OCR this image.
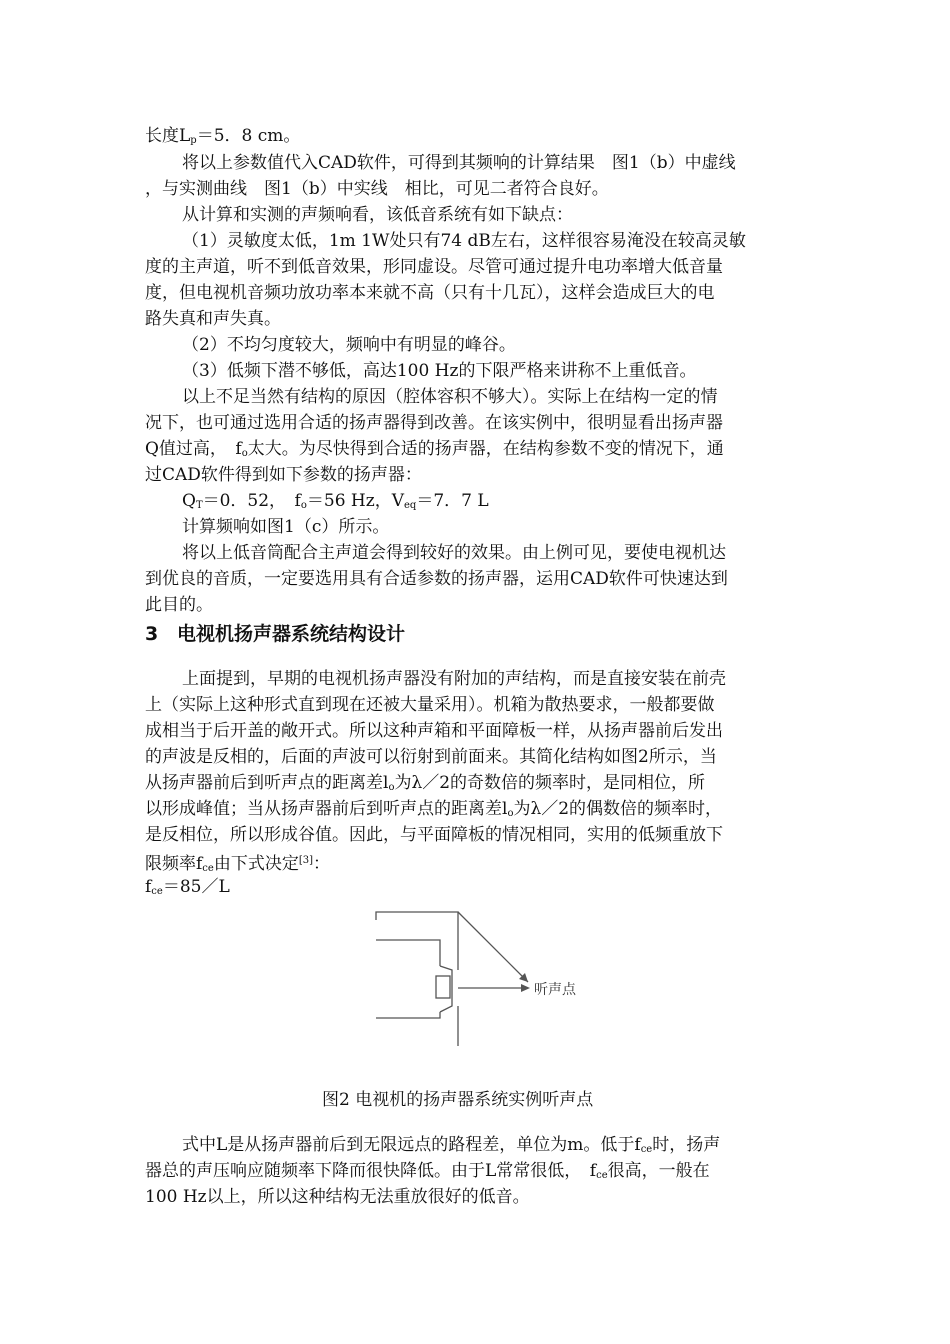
长度$L_p=5$．8 cm。
将以上参数值代入CAD软件，可得到其频响的计算结果　图1（b）中虚线
，与实测曲线　图1（b）中实线　相比，可见二者符合良好。
从计算和实测的声频响看，该低音系统有如下缺点：
（1）灵敏度太低，1m 1W处只有74 dB左右，这样很容易淹没在较高灵敏
度的主声道，听不到低音效果，形同虚设。尽管可通过提升电功率增大低音量
度，但电视机音频功放功率本来就不高（只有十几瓦），这样会造成巨大的电
路失真和声失真。
（2）不均匀度较大，频响中有明显的峰谷。
（3）低频下潜不够低，高达100 Hz的下限严格来讲称不上重低音。
以上不足当然有结构的原因（腔体容积不够大）。实际上在结构一定的情
况下，也可通过选用合适的扬声器得到改善。在该实例中，很明显看出扬声器
Q值过高，　$f_o$太大。为尽快得到合适的扬声器，在结构参数不变的情况下，通
过CAD软件得到如下参数的扬声器：
$Q_T=0$．52，　$f_o=56$ Hz，$V_{eq}=7$．7 L
计算频响如图1（c）所示。
将以上低音筒配合主声道会得到较好的效果。由上例可见，要使电视机达
到优良的音质，一定要选用具有合适参数的扬声器，运用CAD软件可快速达到
此目的。
3 电视机扬声器系统结构设计
上面提到，早期的电视机扬声器没有附加的声结构，而是直接安装在前壳
上（实际上这种形式直到现在还被大量采用）。机箱为散热要求，一般都要做
成相当于后开盖的敞开式。所以这种声箱和平面障板一样，从扬声器前后发出
的声波是反相的，后面的声波可以衍射到前面来。其简化结构如图2所示，当
从扬声器前后到听声点的距离差$l_o$为λ／2的奇数倍的频率时，是同相位，所
以形成峰值；当从扬声器前后到听声点的距离差$l_o$为λ／2的偶数倍的频率时，
是反相位，所以形成谷值。因此，与平面障板的情况相同，实用的低频重放下
限频率$f_{ce}$由下式决定[3]：
$f_{ce}=85/L$
听声点
图2 电视机的扬声器系统实例听声点
式中L是从扬声器前后到无限远点的路程差，单位为m。低于$f_{ce}$时，扬声
器总的声压响应随频率下降而很快降低。由于L常常很低，　$f_{ce}$很高，一般在
100 Hz以上，所以这种结构无法重放很好的低音。
